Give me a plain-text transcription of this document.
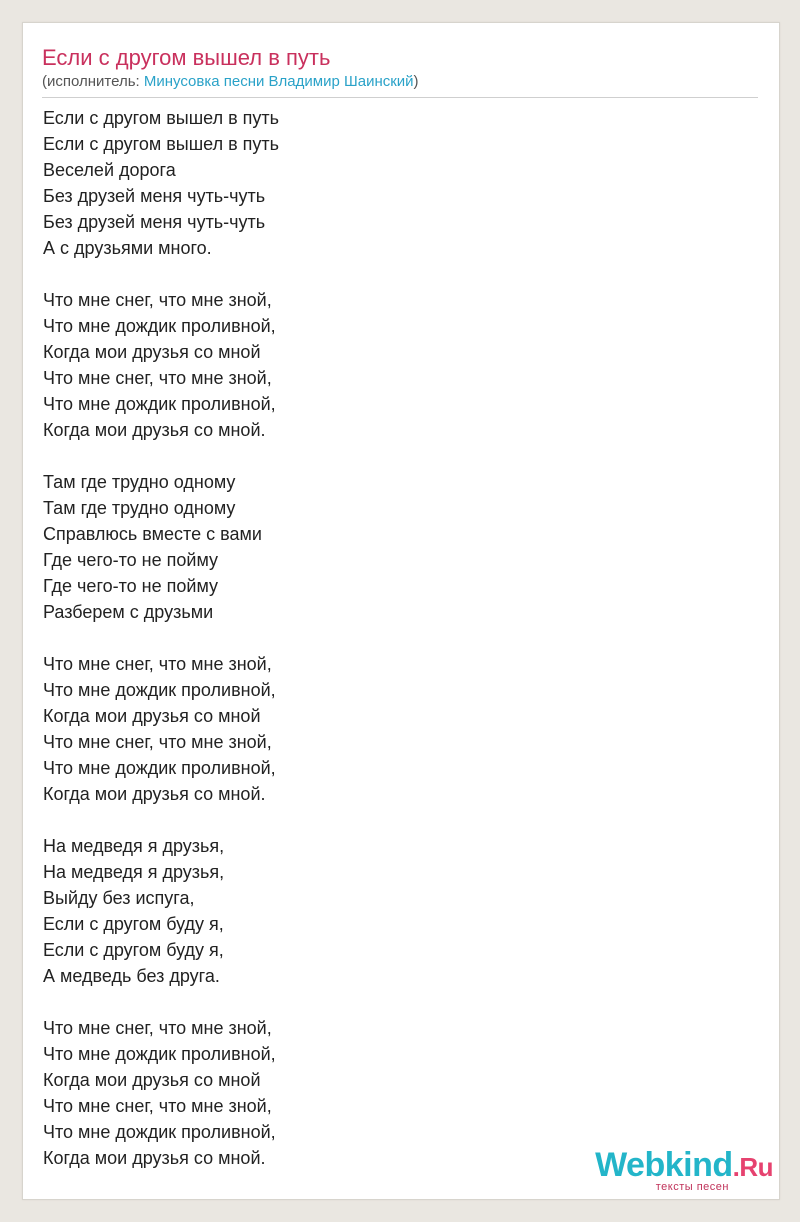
Если с другом вышел в путь
(исполнитель: Минусовка песни Владимир Шаинский)
Если с другом вышел в путь
Если с другом вышел в путь
Веселей дорога
Без друзей меня чуть-чуть
Без друзей меня чуть-чуть
А с друзьями много.
Что мне снег, что мне зной,
Что мне дождик проливной,
Когда мои друзья со мной
Что мне снег, что мне зной,
Что мне дождик проливной,
Когда мои друзья со мной.
Там где трудно одному
Там где трудно одному
Справлюсь вместе с вами
Где чего-то не пойму
Где чего-то не пойму
Разберем с друзьми
Что мне снег, что мне зной,
Что мне дождик проливной,
Когда мои друзья со мной
Что мне снег, что мне зной,
Что мне дождик проливной,
Когда мои друзья со мной.
На медведя я друзья,
На медведя я друзья,
Выйду без испуга,
Если с другом буду я,
Если с другом буду я,
А медведь без друга.
Что мне снег, что мне зной,
Что мне дождик проливной,
Когда мои друзья со мной
Что мне снег, что мне зной,
Что мне дождик проливной,
Когда мои друзья со мной.	Webkind.Ru
тексты песен
